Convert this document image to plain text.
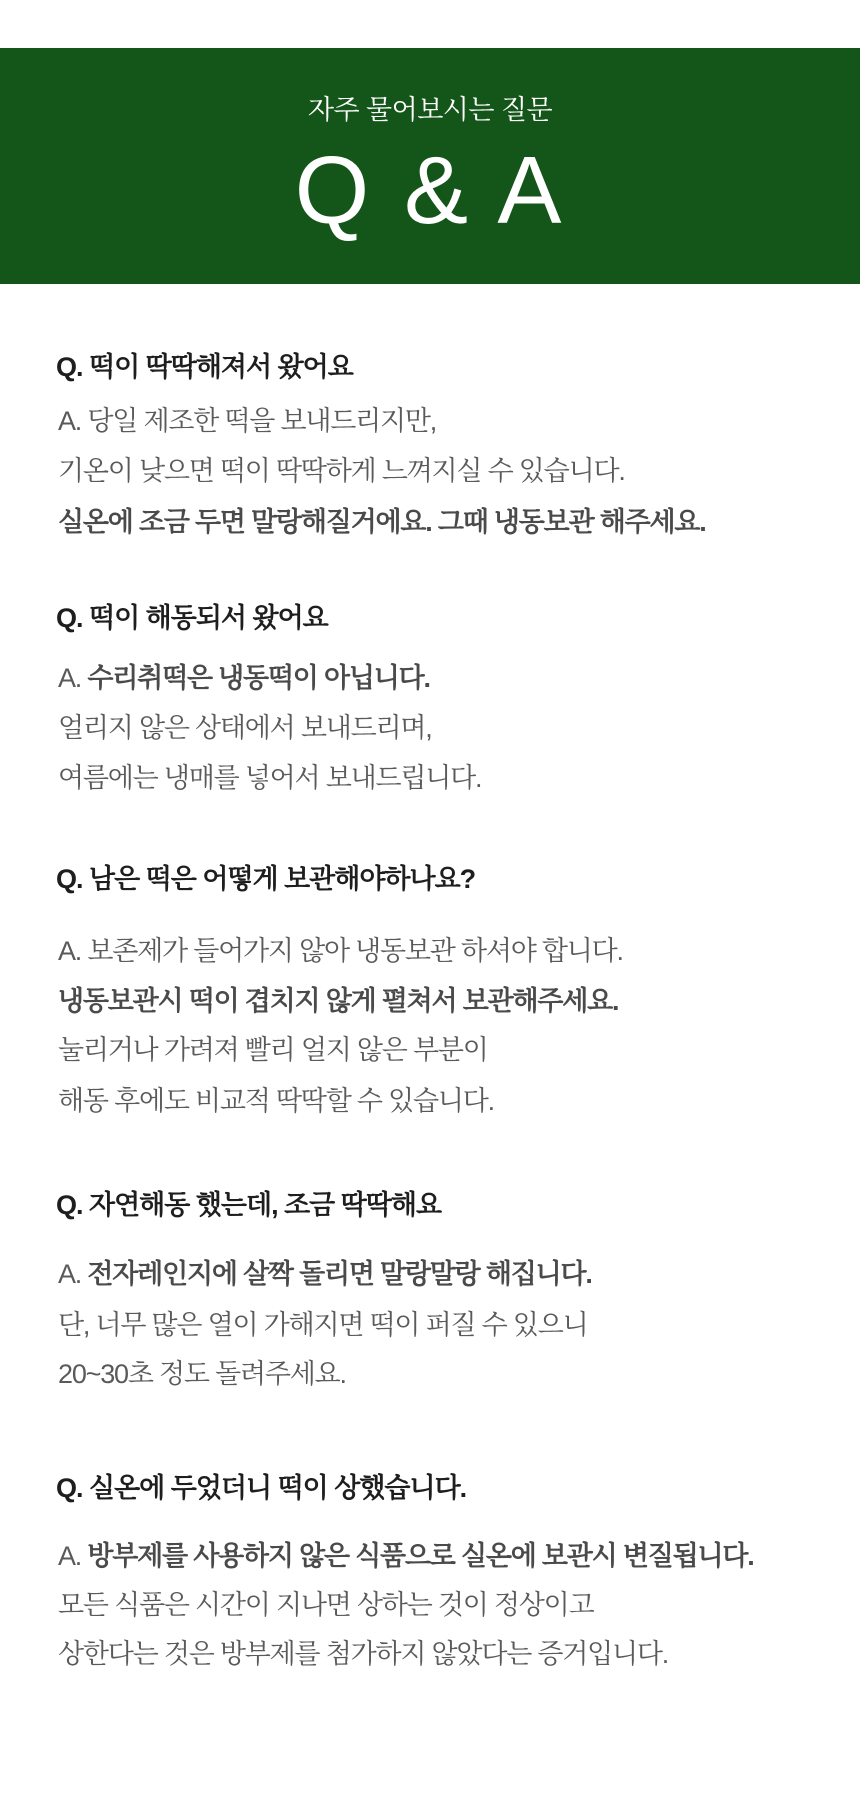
자주 물어보시는 질문
Q & A
Q. 떡이 딱딱해져서 왔어요
A. 당일 제조한 떡을 보내드리지만,
기온이 낮으면 떡이 딱딱하게 느껴지실 수 있습니다.
실온에 조금 두면 말랑해질거에요. 그때 냉동보관 해주세요.
Q. 떡이 해동되서 왔어요
A. 수리취떡은 냉동떡이 아닙니다.
얼리지 않은 상태에서 보내드리며,
여름에는 냉매를 넣어서 보내드립니다.
Q. 남은 떡은 어떻게 보관해야하나요?
A. 보존제가 들어가지 않아 냉동보관 하셔야 합니다.
냉동보관시 떡이 겹치지 않게 펼쳐서 보관해주세요.
눌리거나 가려져 빨리 얼지 않은 부분이
해동 후에도 비교적 딱딱할 수 있습니다.
Q. 자연해동 했는데, 조금 딱딱해요
A. 전자레인지에 살짝 돌리면 말랑말랑 해집니다.
단, 너무 많은 열이 가해지면 떡이 퍼질 수 있으니
20~30초 정도 돌려주세요.
Q. 실온에 두었더니 떡이 상했습니다.
A. 방부제를 사용하지 않은 식품으로 실온에 보관시 변질됩니다.
모든 식품은 시간이 지나면 상하는 것이 정상이고
상한다는 것은 방부제를 첨가하지 않았다는 증거입니다.
